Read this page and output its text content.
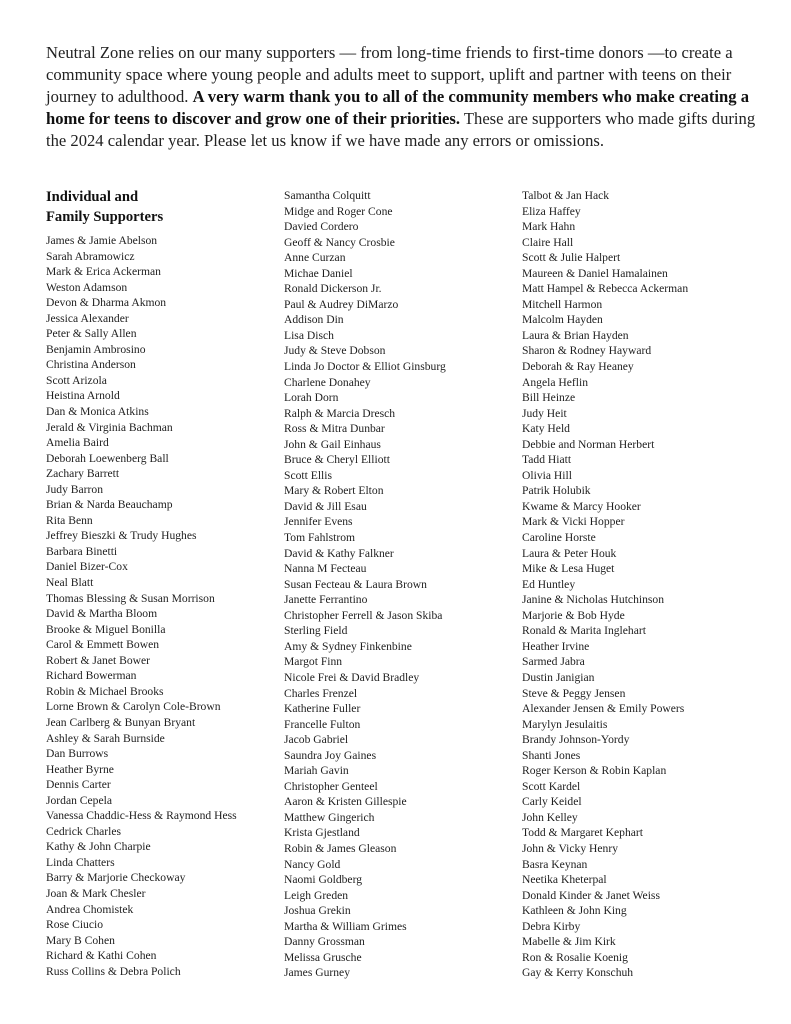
Neutral Zone relies on our many supporters — from long-time friends to first-time donors —to create a community space where young people and adults meet to support, uplift and partner with teens on their journey to adulthood. A very warm thank you to all of the community members who make creating a home for teens to discover and grow one of their priorities. These are supporters who made gifts during the 2024 calendar year. Please let us know if we have made any errors or omissions.

Individual and
Family Supporters
James & Jamie Abelson
Sarah Abramowicz
Mark & Erica Ackerman
Weston Adamson
Devon & Dharma Akmon
Jessica Alexander
Peter & Sally Allen
Benjamin Ambrosino
Christina Anderson
Scott Arizola
Heistina Arnold
Dan & Monica Atkins
Jerald & Virginia Bachman
Amelia Baird
Deborah Loewenberg Ball
Zachary Barrett
Judy Barron
Brian & Narda Beauchamp
Rita Benn
Jeffrey Bieszki & Trudy Hughes
Barbara Binetti
Daniel Bizer-Cox
Neal Blatt
Thomas Blessing & Susan Morrison
David & Martha Bloom
Brooke & Miguel Bonilla
Carol & Emmett Bowen
Robert & Janet Bower
Richard Bowerman
Robin & Michael Brooks
Lorne Brown & Carolyn Cole-Brown
Jean Carlberg & Bunyan Bryant
Ashley & Sarah Burnside
Dan Burrows
Heather Byrne
Dennis Carter
Jordan Cepela
Vanessa Chaddic-Hess & Raymond Hess
Cedrick Charles
Kathy & John Charpie
Linda Chatters
Barry & Marjorie Checkoway
Joan & Mark Chesler
Andrea Chomistek
Rose Ciucio
Mary B Cohen
Richard & Kathi Cohen
Russ Collins & Debra Polich
Samantha Colquitt
Midge and Roger Cone
Davied Cordero
Geoff & Nancy Crosbie
Anne Curzan
Michae Daniel
Ronald Dickerson Jr.
Paul & Audrey DiMarzo
Addison Din
Lisa Disch
Judy & Steve Dobson
Linda Jo Doctor & Elliot Ginsburg
Charlene Donahey
Lorah Dorn
Ralph & Marcia Dresch
Ross & Mitra Dunbar
John & Gail Einhaus
Bruce & Cheryl Elliott
Scott Ellis
Mary & Robert Elton
David & Jill Esau
Jennifer Evens
Tom Fahlstrom
David & Kathy Falkner
Nanna M Fecteau
Susan Fecteau & Laura Brown
Janette Ferrantino
Christopher Ferrell & Jason Skiba
Sterling Field
Amy & Sydney Finkenbine
Margot Finn
Nicole Frei & David Bradley
Charles Frenzel
Katherine Fuller
Francelle Fulton
Jacob Gabriel
Saundra Joy Gaines
Mariah Gavin
Christopher Genteel
Aaron & Kristen Gillespie
Matthew Gingerich
Krista Gjestland
Robin & James Gleason
Nancy Gold
Naomi Goldberg
Leigh Greden
Joshua Grekin
Martha & William Grimes
Danny Grossman
Melissa Grusche
James Gurney
Talbot & Jan Hack
Eliza Haffey
Mark Hahn
Claire Hall
Scott & Julie Halpert
Maureen & Daniel Hamalainen
Matt Hampel & Rebecca Ackerman
Mitchell Harmon
Malcolm Hayden
Laura & Brian Hayden
Sharon & Rodney Hayward
Deborah & Ray Heaney
Angela Heflin
Bill Heinze
Judy Heit
Katy Held
Debbie and Norman Herbert
Tadd Hiatt
Olivia Hill
Patrik Holubik
Kwame & Marcy Hooker
Mark & Vicki Hopper
Caroline Horste
Laura & Peter Houk
Mike & Lesa Huget
Ed Huntley
Janine & Nicholas Hutchinson
Marjorie & Bob Hyde
Ronald & Marita Inglehart
Heather Irvine
Sarmed Jabra
Dustin Janigian
Steve & Peggy Jensen
Alexander Jensen & Emily Powers
Marylyn Jesulaitis
Brandy Johnson-Yordy
Shanti Jones
Roger Kerson & Robin Kaplan
Scott Kardel
Carly Keidel
John Kelley
Todd & Margaret Kephart
John & Vicky Henry
Basra Keynan
Neetika Kheterpal
Donald Kinder & Janet Weiss
Kathleen & John King
Debra Kirby
Mabelle & Jim Kirk
Ron & Rosalie Koenig
Gay & Kerry Konschuh
